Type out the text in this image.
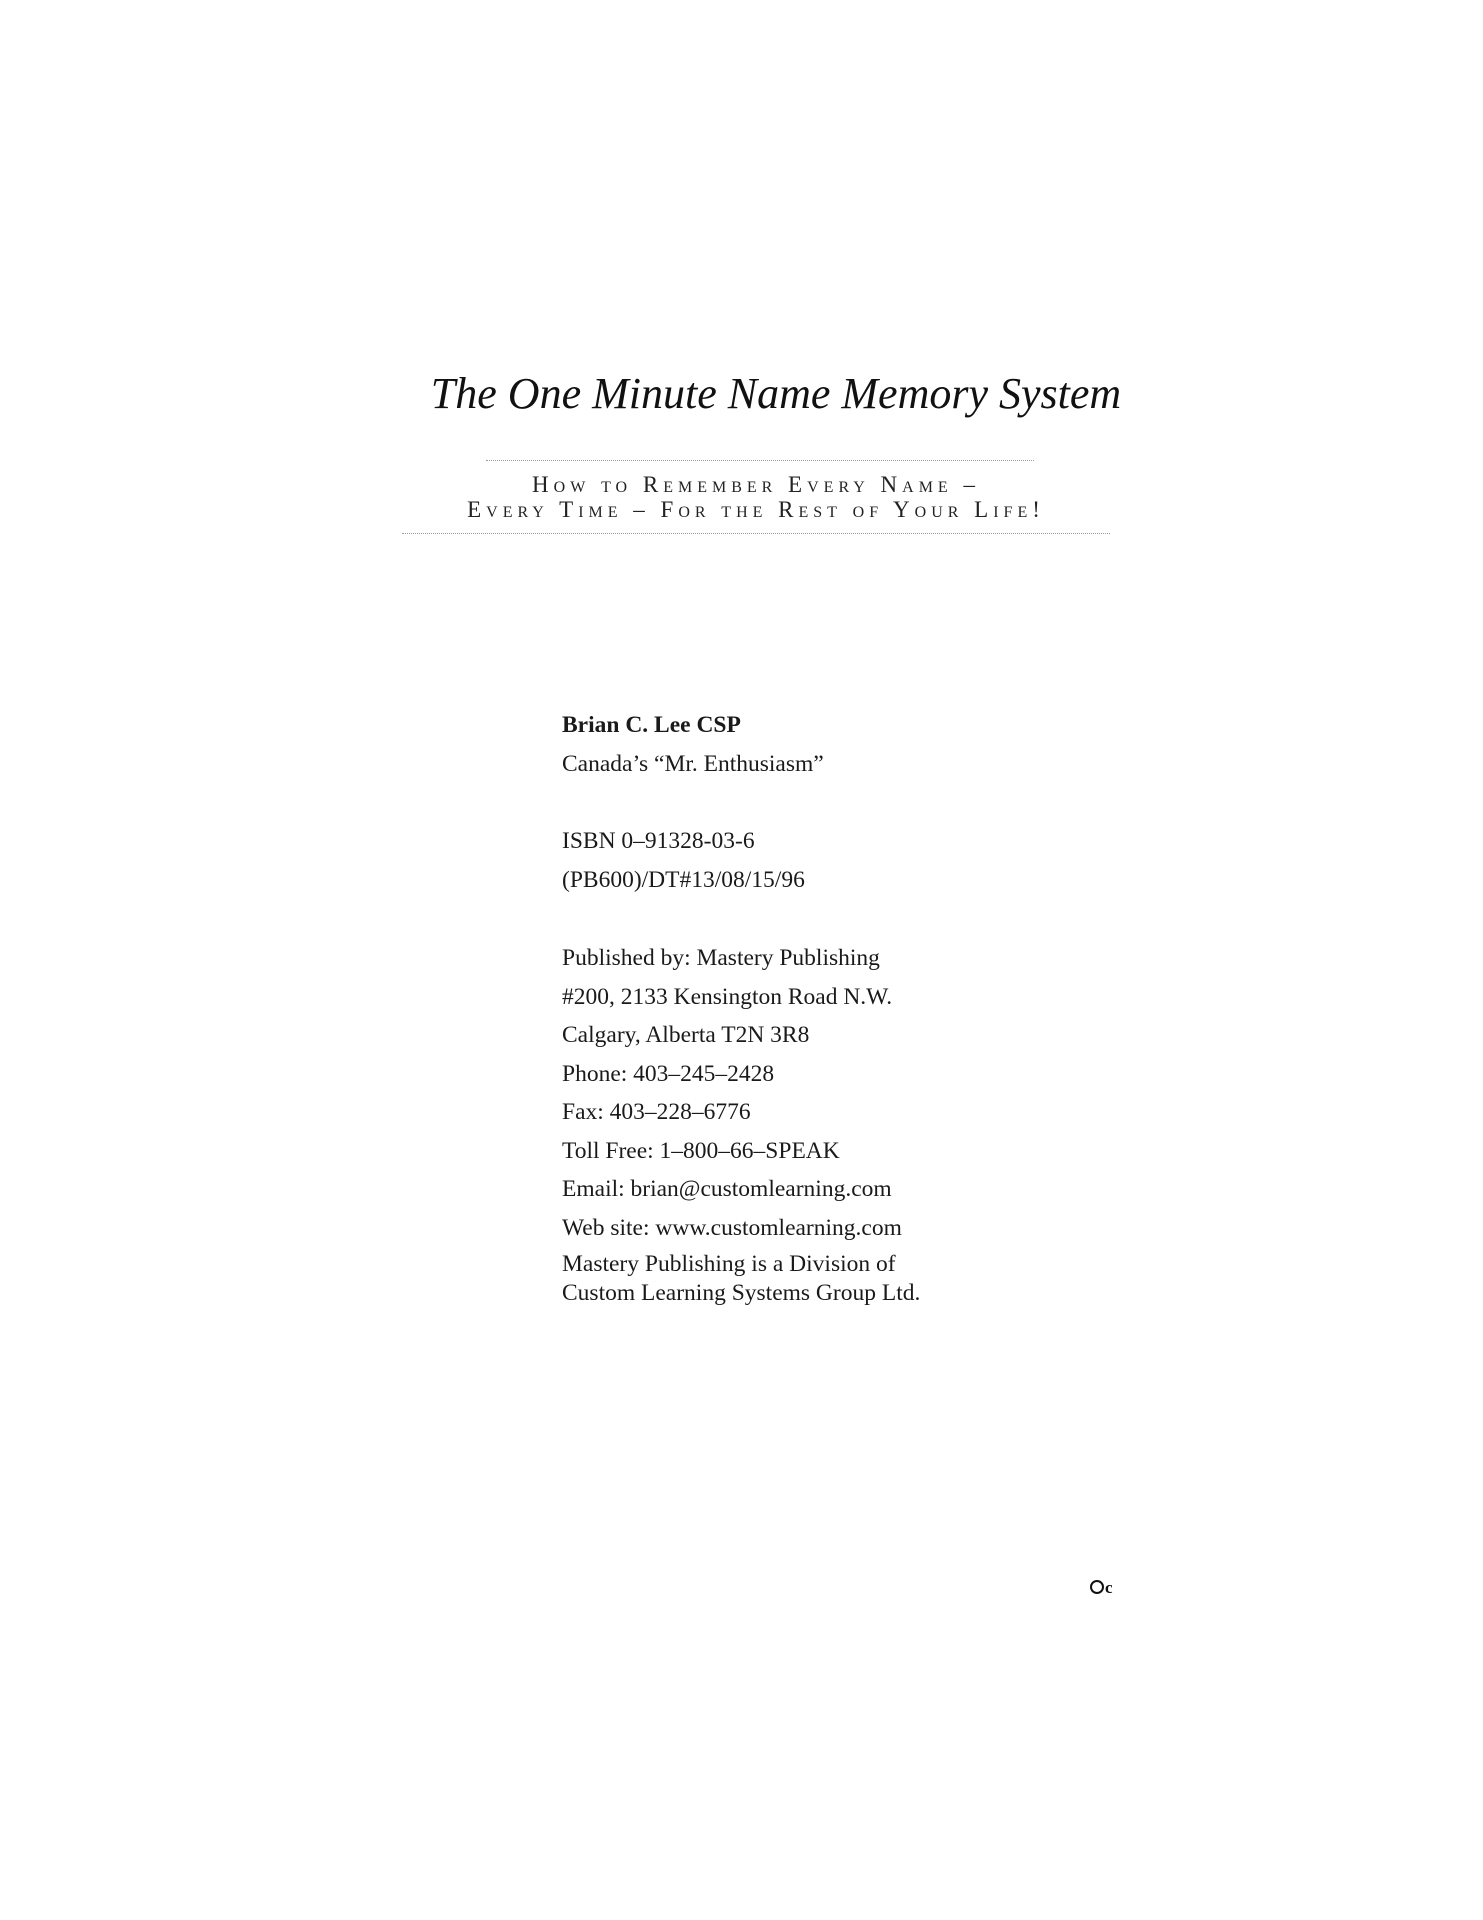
The One Minute Name Memory System
How to Remember Every Name –
Every Time – For the Rest of Your Life!
Brian C. Lee CSP
Canada’s “Mr. Enthusiasm”
ISBN 0–91328-03-6
(PB600)/DT#13/08/15/96
Published by: Mastery Publishing
#200, 2133 Kensington Road N.W.
Calgary, Alberta T2N 3R8
Phone: 403–245–2428
Fax: 403–228–6776
Toll Free: 1–800–66–SPEAK
Email: brian@customlearning.com
Web site: www.customlearning.com
Mastery Publishing is a Division of
Custom Learning Systems Group Ltd.
c
